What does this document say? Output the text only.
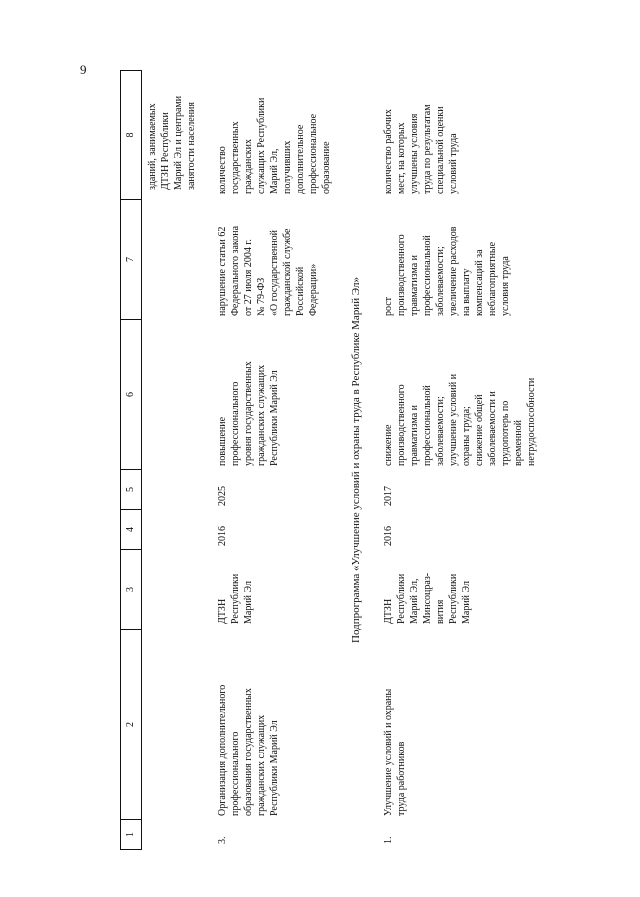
9
1
2
3
4
5
6
7
8
зданий, занимаемых
ДТЗН Республики
Марий Эл и центрами
занятости населения
3.
Организация дополнительного
профессионального
образования государственных
гражданских служащих
Республики Марий Эл
ДТЗН
Республики
Марий Эл
2016
2025
повышение
профессионального
уровня государственных
гражданских служащих
Республики Марий Эл
нарушение статьи 62
Федерального закона
от 27 июля 2004 г.
№ 79-ФЗ
«О государственной
гражданской службе
Российской
Федерации»
количество
государственных
гражданских
служащих Республики
Марий Эл,
получивших
дополнительное
профессиональное
образование
Подпрограмма «Улучшение условий и охраны труда в Республике Марий Эл»
1.
Улучшение условий и охраны
труда работников
ДТЗН
Республики
Марий Эл,
Минсоцраз-
вития
Республики
Марий Эл
2016
2017
снижение
производственного
травматизма и
профессиональной
заболеваемости;
улучшение условий и
охраны труда;
снижение общей
заболеваемости и
трудопотерь по
временной
нетрудоспособности
рост
производственного
травматизма и
профессиональной
заболеваемости;
увеличение расходов
на выплату
компенсаций за
неблагоприятные
условия труда
количество рабочих
мест, на которых
улучшены условия
труда по результатам
специальной оценки
условий труда
